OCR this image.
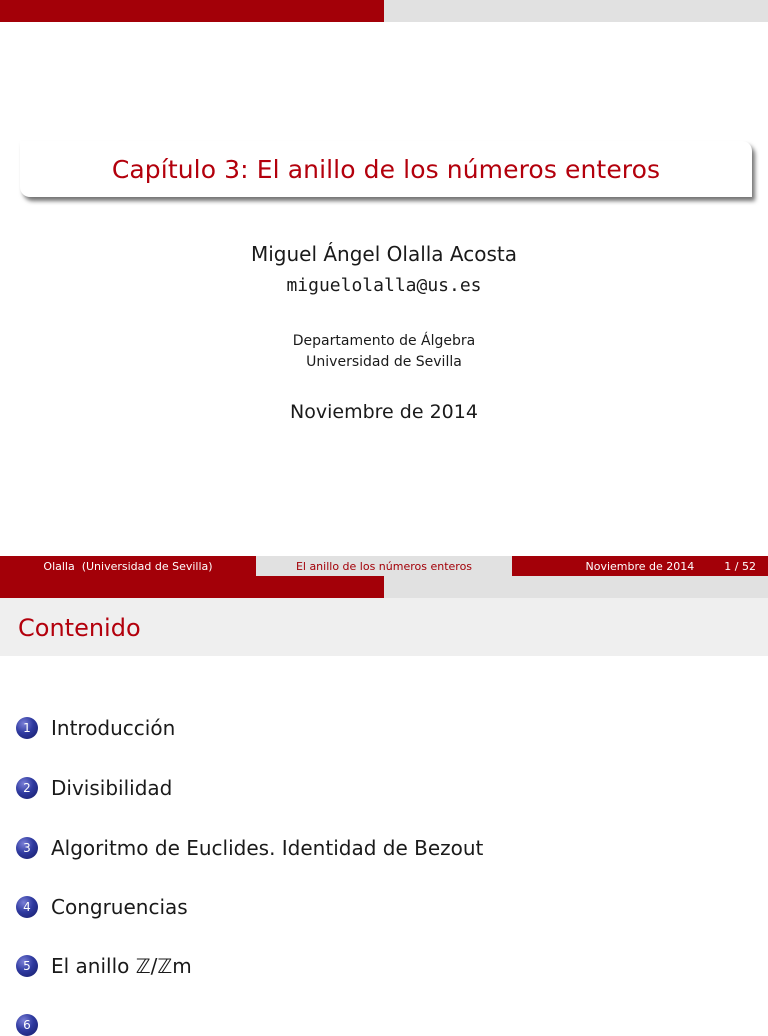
Capítulo 3: El anillo de los números enteros
Miguel Ángel Olalla Acosta
miguelolalla@us.es
Departamento de Álgebra
Universidad de Sevilla
Noviembre de 2014
Olalla  (Universidad de Sevilla)	El anillo de los números enteros	Noviembre de 2014	1 / 52
Contenido
1	Introducción
2	Divisibilidad
3	Algoritmo de Euclides. Identidad de Bezout
4	Congruencias
5	El anillo ℤ/ℤm
6
